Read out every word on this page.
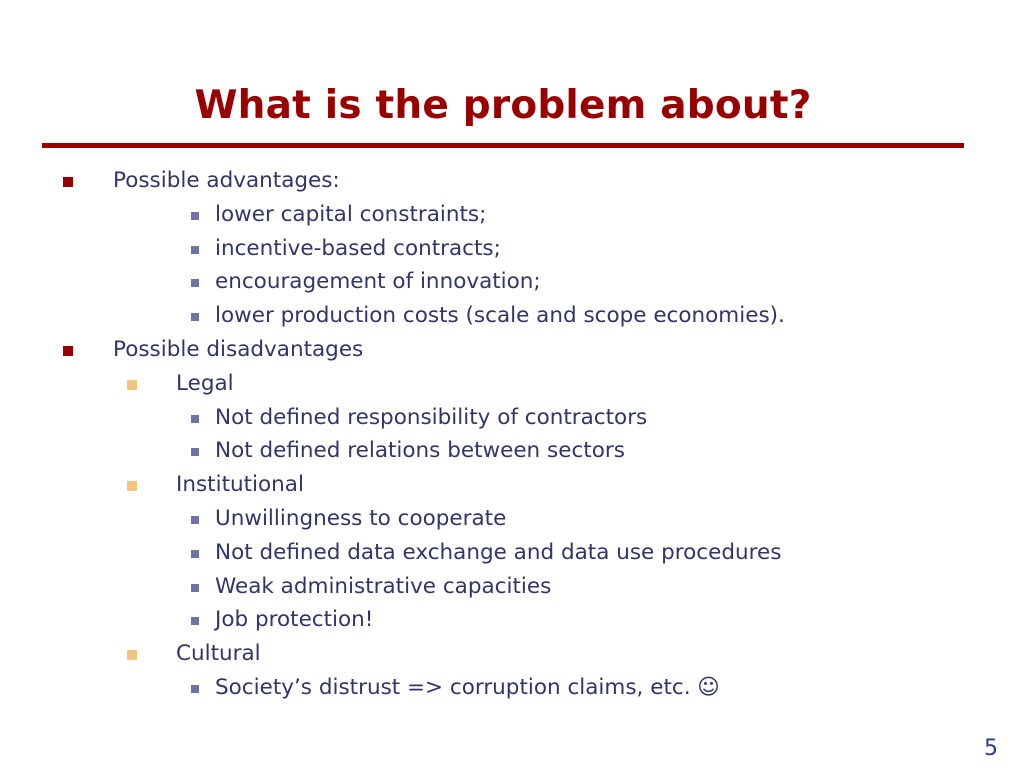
What is the problem about?
Possible advantages:
lower capital constraints;
incentive-based contracts;
encouragement of innovation;
lower production costs (scale and scope economies).
Possible disadvantages
Legal
Not defined responsibility of contractors
Not defined relations between sectors
Institutional
Unwillingness to cooperate
Not defined data exchange and data use procedures
Weak administrative capacities
Job protection!
Cultural
Society’s distrust => corruption claims, etc. ☺
5
